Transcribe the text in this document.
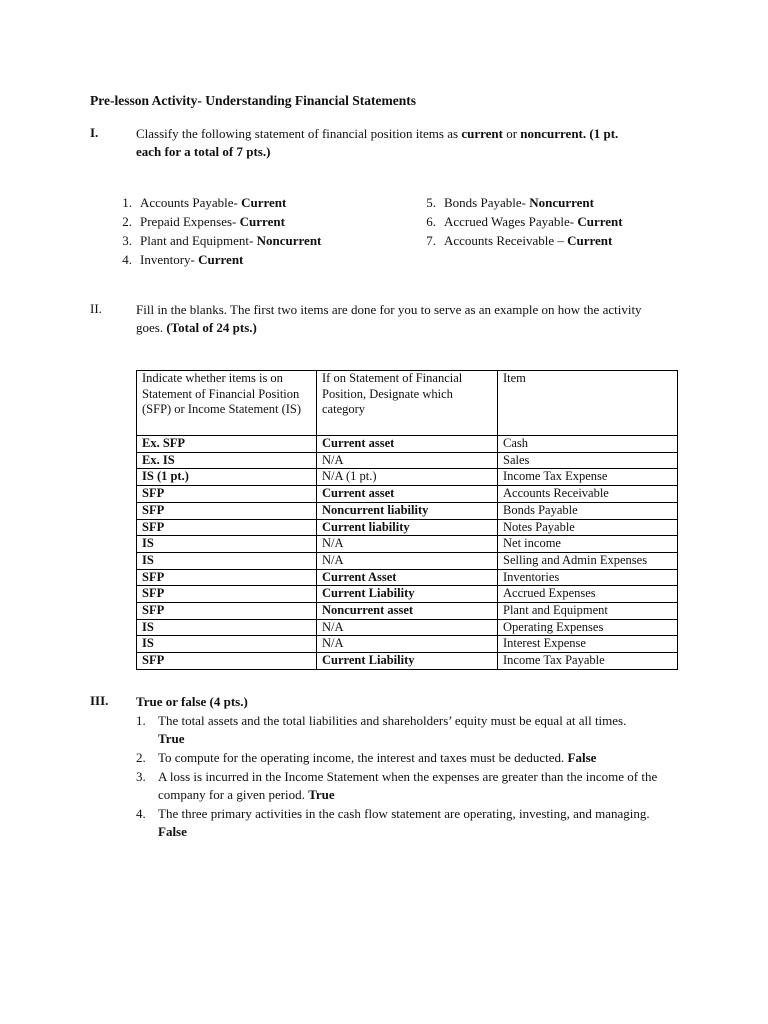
Pre-lesson Activity- Understanding Financial Statements
I.	Classify the following statement of financial position items as current or noncurrent. (1 pt.
each for a total of 7 pts.)
1. Accounts Payable- Current
2. Prepaid Expenses- Current
3. Plant and Equipment- Noncurrent
4. Inventory- Current
5. Bonds Payable- Noncurrent
6. Accrued Wages Payable- Current
7. Accounts Receivable – Current
II.	Fill in the blanks. The first two items are done for you to serve as an example on how the activity
goes. (Total of 24 pts.)
Indicate whether items is on Statement of Financial Position (SFP) or Income Statement (IS)	If on Statement of Financial Position, Designate which category	Item
Ex. SFP	Current asset	Cash
Ex. IS	N/A	Sales
IS (1 pt.)	N/A (1 pt.)	Income Tax Expense
SFP	Current asset	Accounts Receivable
SFP	Noncurrent liability	Bonds Payable
SFP	Current liability	Notes Payable
IS	N/A	Net income
IS	N/A	Selling and Admin Expenses
SFP	Current Asset	Inventories
SFP	Current Liability	Accrued Expenses
SFP	Noncurrent asset	Plant and Equipment
IS	N/A	Operating Expenses
IS	N/A	Interest Expense
SFP	Current Liability	Income Tax Payable
III. True or false (4 pts.)
1. The total assets and the total liabilities and shareholders’ equity must be equal at all times.
True
2. To compute for the operating income, the interest and taxes must be deducted. False
3. A loss is incurred in the Income Statement when the expenses are greater than the income of the company for a given period. True
4. The three primary activities in the cash flow statement are operating, investing, and managing. False
